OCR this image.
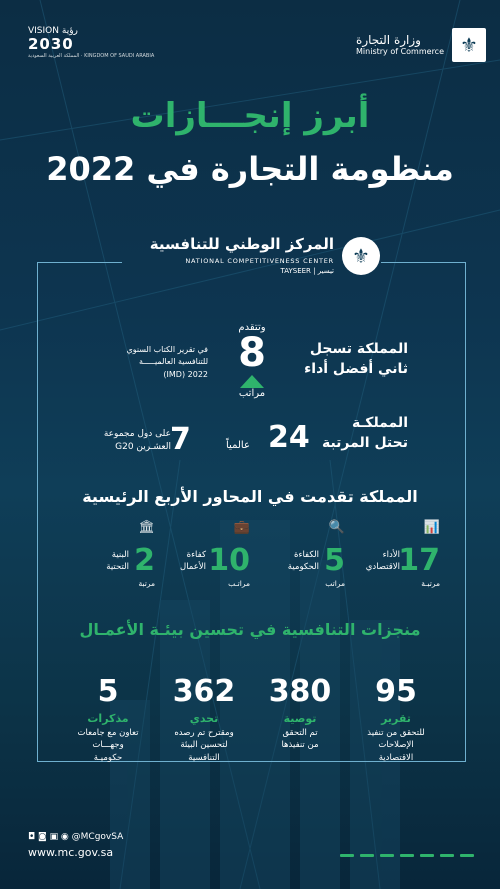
⚜
وزارة التجارة
Ministry of Commerce
VISION رؤية
2030
المملكة العربية السعودية · KINGDOM OF SAUDI ARABIA
أبرز إنجـــازات
منظومة التجارة في 2022
⚜
المركز الوطني للتنافسية
NATIONAL COMPETITIVENESS CENTER
TAYSEER | تيسير
المملكة تسجل
ثاني أفضل أداء
وتتقدم
8
مراتب
في تقرير الكتاب السنوي
للتنافسية العالميـــــة
2022 (IMD)
المملكـة
تحتل المرتبة
24
عالمياً
7
على دول مجموعة
العشـرين G20
المملكة تقدمت في المحاور الأربع الرئيسية
📊
17
الأداء
الاقتصادي
مرتبـة
🔍
5
الكفاءة
الحكومية
مراتب
💼
10
كفاءة
الأعمال
مراتـب
🏛
2
البنية
التحتية
مرتبة
منجزات التنافسية في تحسين بيئـة الأعمـال
95
تقرير
للتحقق من تنفيذ
الإصلاحات
الاقتصادية
380
توصية
تم التحقق
من تنفيذها
362
تحدي
ومقترح تم رصده
لتحسين البيئة
التنافسية
5
مذكرات
تعاون مع جامعات
وجهـــات
حكوميـة
◘ ◙ ▣ ◉ @MCgovSA
www.mc.gov.sa
